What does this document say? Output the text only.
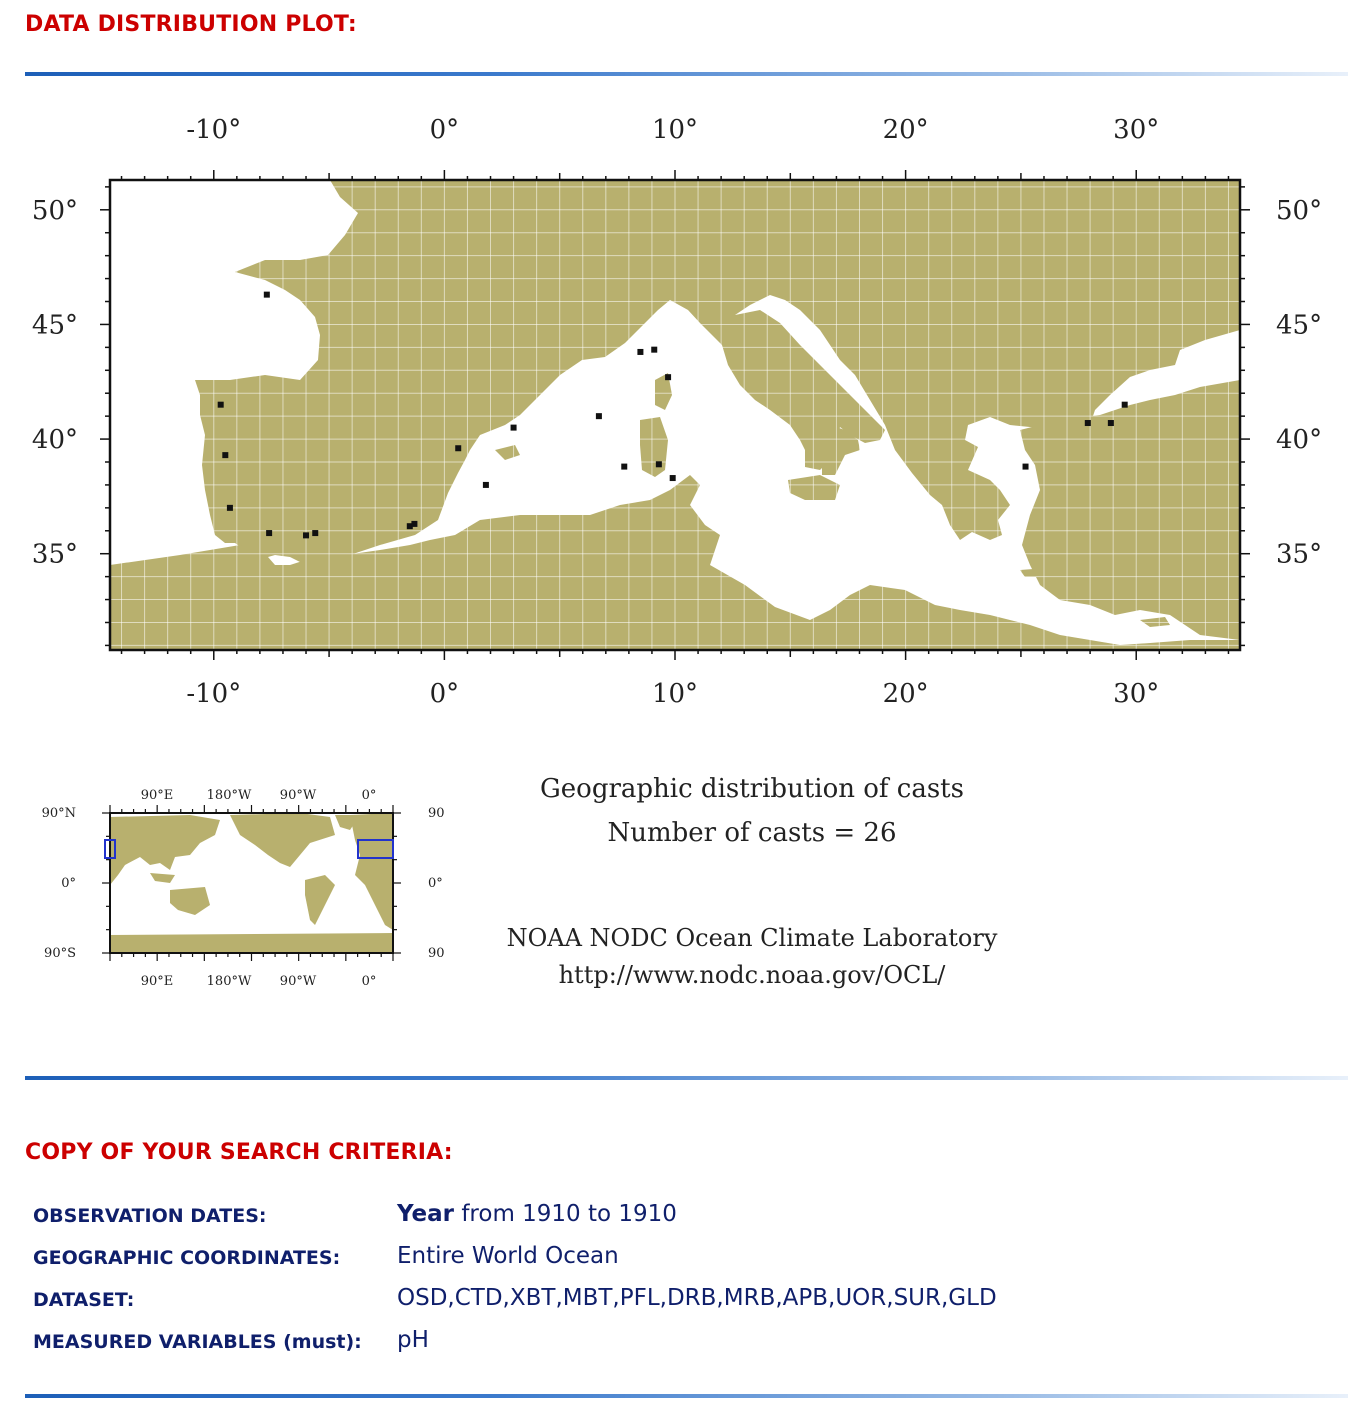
DATA DISTRIBUTION PLOT:
-10°
-10°
0°
0°
10°
10°
20°
20°
30°
30°
50°	50°
45°	45°
40°	40°
35°	35°
90°E	180°W 90°W	0°
90°E	180°W 90°W	0°
90°N
0°
90°S
90
0°
90
Geographic distribution of casts
Number of casts = 26
NOAA NODC Ocean Climate Laboratory
http://www.nodc.noaa.gov/OCL/
COPY OF YOUR SEARCH CRITERIA:
OBSERVATION DATES:	Year from 1910 to 1910
GEOGRAPHIC COORDINATES: Entire World Ocean
DATASET:	OSD,CTD,XBT,MBT,PFL,DRB,MRB,APB,UOR,SUR,GLD
MEASURED VARIABLES (must): pH
